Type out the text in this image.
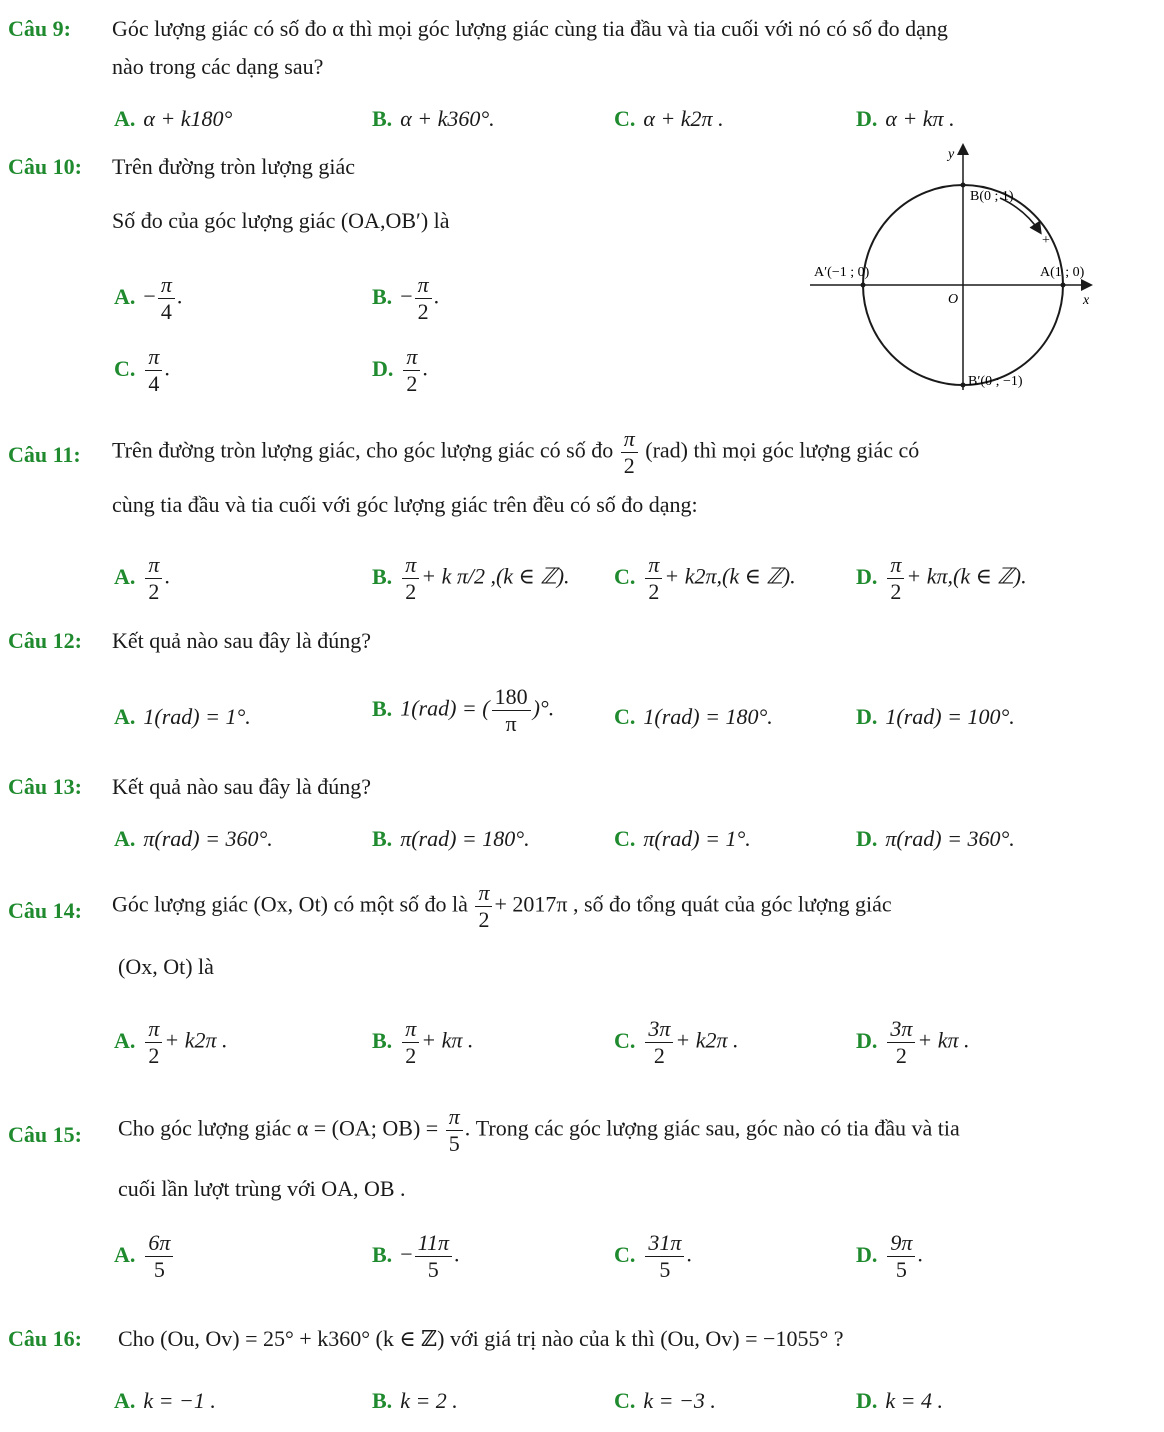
Câu 9: Góc lượng giác có số đo α thì mọi góc lượng giác cùng tia đầu và tia cuối với nó có số đo dạng
nào trong các dạng sau?
A. α + k180°	B. α + k360°.	C. α + k2π .	D. α + kπ .
Câu 10: Trên đường tròn lượng giác
Số đo của góc lượng giác (OA,OB′) là
A. − $\frac{\pi}{4}$ .	B. − $\frac{\pi}{2}$ .
C. $\frac{\pi}{4}$ .	D. $\frac{\pi}{2}$ .
y
x
O
B(0 ; 1)
A′(−1 ; 0)	A(1 ; 0)
B′(0 ; −1)
+
Câu 11: Trên đường tròn lượng giác, cho góc lượng giác có số đo $\frac{\pi}{2} (rad)$ thì mọi góc lượng giác có
cùng tia đầu và tia cuối với góc lượng giác trên đều có số đo dạng:
A. $\frac{\pi}{2}$ .	B. $\frac{\pi}{2} + k$ π/2 ,(k ∈ ℤ). C. $\frac{\pi}{2} + k2\pi,(k$ ∈ ℤ).	D. $\frac{\pi}{2} + k\pi,(k$ ∈ ℤ).
Câu 12: Kết quả nào sau đây là đúng?
A. 1(rad) = 1°.	B. 1(rad) = ( $\frac{180}{\pi}$ )°.	C. 1(rad) = 180°.	D. 1(rad) = 100°.
Câu 13: Kết quả nào sau đây là đúng?
A. π(rad) = 360°.	B. π(rad) = 180°.	C. π(rad) = 1°.	D. π(rad) = 360°.
Câu 14: Góc lượng giác (Ox, Ot) có một số đo là $\frac{\pi}{2} + 2017\pi$ , số đo tổng quát của góc lượng giác
(Ox, Ot) là
A. $\frac{\pi}{2} + k2\pi$ .	B. $\frac{\pi}{2} + k\pi$ .	C. $\frac{3\pi}{2} + k2\pi$ .	D. $\frac{3\pi}{2} + k\pi$ .
Câu 15: Cho góc lượng giác α = (OA; $OB) = \frac{\pi}{5}$ . Trong các góc lượng giác sau, góc nào có tia đầu và tia
cuối lần lượt trùng với OA, OB .
A. $\frac{6\pi}{5}$	B. − $\frac{11\pi}{5}$ .	C. $\frac{31\pi}{5}$ .	D. $\frac{9\pi}{5}$ .
Câu 16: Cho (Ou, Ov) = 25° + k360° (k ∈ ℤ) với giá trị nào của k thì (Ou, Ov) = −1055° ?
A. k = −1 .	B. k = 2 .	C. k = −3 .	D. k = 4 .
